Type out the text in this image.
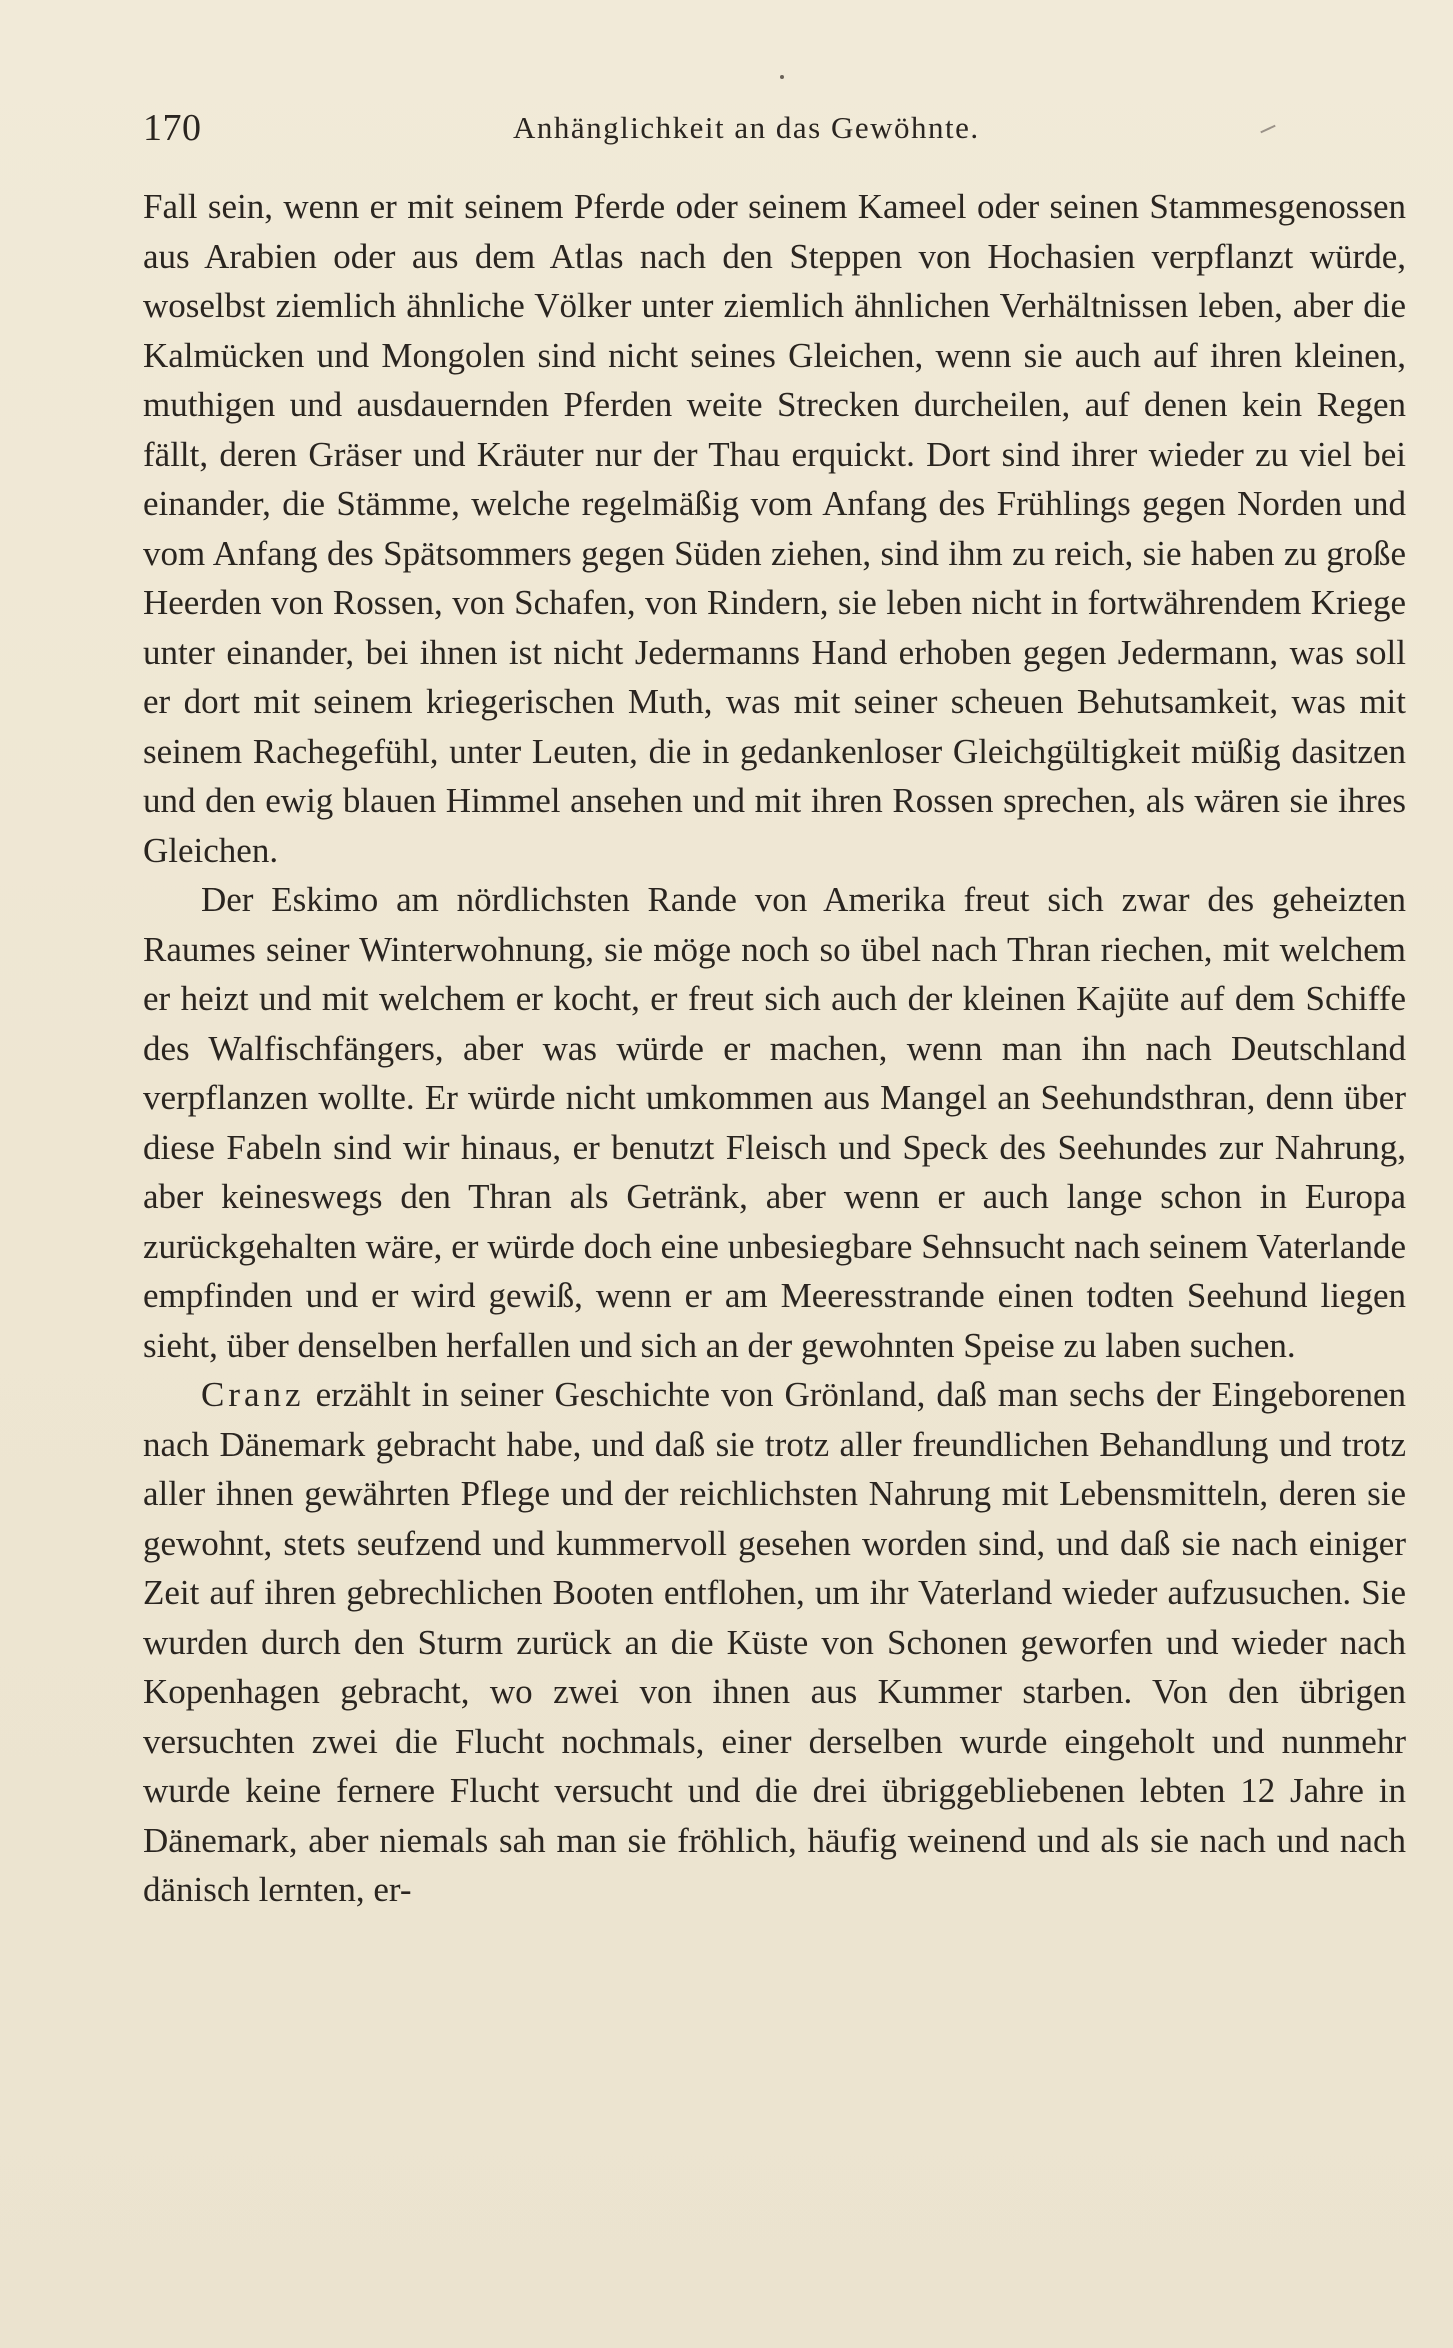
170	Anhänglichkeit an das Gewöhnte.

Fall sein, wenn er mit seinem Pferde oder seinem Kameel oder seinen Stammesgenossen aus Arabien oder aus dem Atlas nach den Steppen von Hochasien verpflanzt würde, woselbst ziemlich ähnliche Völker unter ziemlich ähnlichen Verhältnissen leben, aber die Kalmücken und Mongolen sind nicht seines Gleichen, wenn sie auch auf ihren kleinen, muthigen und ausdauernden Pferden weite Strecken durcheilen, auf denen kein Regen fällt, deren Gräser und Kräuter nur der Thau erquickt. Dort sind ihrer wieder zu viel bei einander, die Stämme, welche regelmäßig vom Anfang des Frühlings gegen Norden und vom Anfang des Spätsommers gegen Süden ziehen, sind ihm zu reich, sie haben zu große Heerden von Rossen, von Schafen, von Rindern, sie leben nicht in fortwährendem Kriege unter einander, bei ihnen ist nicht Jedermanns Hand erhoben gegen Jedermann, was soll er dort mit seinem kriegerischen Muth, was mit seiner scheuen Behutsamkeit, was mit seinem Rachegefühl, unter Leuten, die in gedankenloser Gleichgültigkeit müßig dasitzen und den ewig blauen Himmel ansehen und mit ihren Rossen sprechen, als wären sie ihres Gleichen.

Der Eskimo am nördlichsten Rande von Amerika freut sich zwar des geheizten Raumes seiner Winterwohnung, sie möge noch so übel nach Thran riechen, mit welchem er heizt und mit welchem er kocht, er freut sich auch der kleinen Kajüte auf dem Schiffe des Walfischfängers, aber was würde er machen, wenn man ihn nach Deutschland verpflanzen wollte. Er würde nicht umkommen aus Mangel an Seehundsthran, denn über diese Fabeln sind wir hinaus, er benutzt Fleisch und Speck des Seehundes zur Nahrung, aber keineswegs den Thran als Getränk, aber wenn er auch lange schon in Europa zurückgehalten wäre, er würde doch eine unbesiegbare Sehnsucht nach seinem Vaterlande empfinden und er wird gewiß, wenn er am Meeresstrande einen todten Seehund liegen sieht, über denselben herfallen und sich an der gewohnten Speise zu laben suchen.

Cranz erzählt in seiner Geschichte von Grönland, daß man sechs der Eingeborenen nach Dänemark gebracht habe, und daß sie trotz aller freundlichen Behandlung und trotz aller ihnen gewährten Pflege und der reichlichsten Nahrung mit Lebensmitteln, deren sie gewohnt, stets seufzend und kummervoll gesehen worden sind, und daß sie nach einiger Zeit auf ihren gebrechlichen Booten entflohen, um ihr Vaterland wieder aufzusuchen. Sie wurden durch den Sturm zurück an die Küste von Schonen geworfen und wieder nach Kopenhagen gebracht, wo zwei von ihnen aus Kummer starben. Von den übrigen versuchten zwei die Flucht nochmals, einer derselben wurde eingeholt und nunmehr wurde keine fernere Flucht versucht und die drei übriggebliebenen lebten 12 Jahre in Dänemark, aber niemals sah man sie fröhlich, häufig weinend und als sie nach und nach dänisch lernten, er-
